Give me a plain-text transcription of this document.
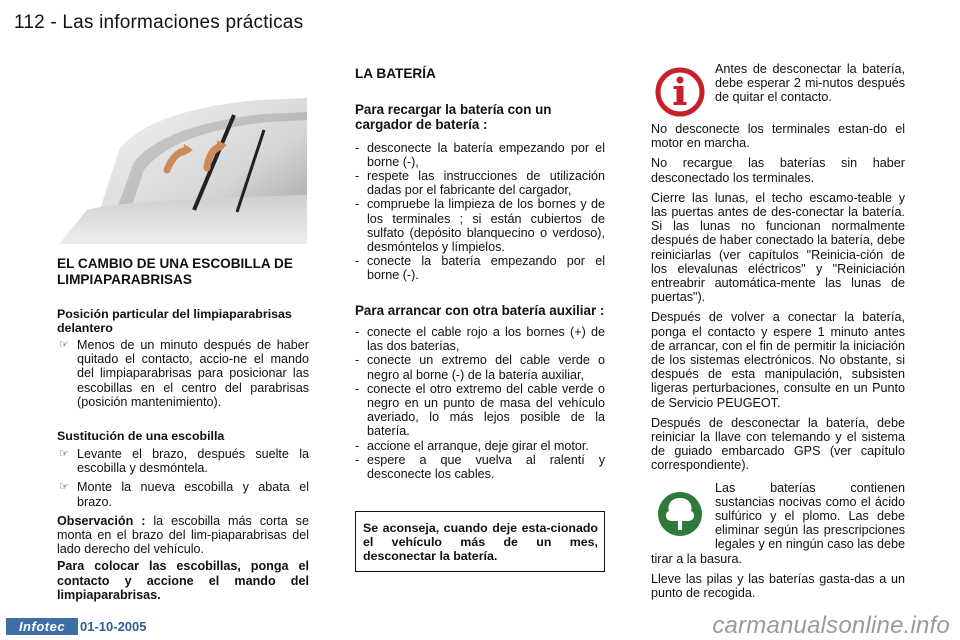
112 - Las informaciones prácticas
EL CAMBIO DE UNA ESCOBILLA DE LIMPIAPARABRISAS
Posición particular del limpiaparabrisas delantero
☞ Menos de un minuto después de haber quitado el contacto, accio-ne el mando del limpiaparabrisas para posicionar las escobillas en el centro del parabrisas (posición mantenimiento).
Sustitución de una escobilla
☞ Levante el brazo, después suelte la escobilla y desmóntela.
☞ Monte la nueva escobilla y abata el brazo.

Observación : la escobilla más corta se monta en el brazo del lim-piaparabrisas del lado derecho del vehículo.

Para colocar las escobillas, ponga el contacto y accione el mando del limpiaparabrisas.

LA BATERÍA
Para recargar la batería con un cargador de batería :
- desconecte la batería empezando por el borne (-),
- respete las instrucciones de utilización dadas por el fabricante del cargador,
- compruebe la limpieza de los bornes y de los terminales ; si están cubiertos de sulfato (depósito blanquecino o verdoso), desmóntelos y límpielos.
- conecte la batería empezando por el borne (-).
Para arrancar con otra batería auxiliar :
- conecte el cable rojo a los bornes (+) de las dos baterías,
- conecte un extremo del cable verde o negro al borne (-) de la batería auxiliar,
- conecte el otro extremo del cable verde o negro en un punto de masa del vehículo averiado, lo más lejos posible de la batería.
- accione el arranque, deje girar el motor.
- espere a que vuelva al ralentí y desconecte los cables.
Se aconseja, cuando deje esta-cionado el vehículo más de un mes, desconectar la batería.

Antes de desconectar la batería, debe esperar 2 mi-nutos después de quitar el contacto.

No desconecte los terminales estan-do el motor en marcha.

No recargue las baterías sin haber desconectado los terminales.

Cierre las lunas, el techo escamo-teable y las puertas antes de des-conectar la batería. Si las lunas no funcionan normalmente después de haber conectado la batería, debe reiniciarlas (ver capítulos "Reinicia-ción de los elevalunas eléctricos" y "Reiniciación entreabrir automática-mente las lunas de puertas").

Después de volver a conectar la batería, ponga el contacto y espere 1 minuto antes de arrancar, con el fin de permitir la iniciación de los sistemas electrónicos. No obstante, si después de esta manipulación, subsisten ligeras perturbaciones, consulte en un Punto de Servicio PEUGEOT.

Después de desconectar la batería, debe reiniciar la llave con telemando y el sistema de guiado embarcado GPS (ver capítulo correspondiente).

Las baterías contienen sustancias nocivas como el ácido sulfúrico y el plomo. Las debe eliminar según las prescripciones legales y en ningún caso las debe tirar a la basura.

Lleve las pilas y las baterías gasta-das a un punto de recogida.

Infotec	01-10-2005	carmanualsonline.info
